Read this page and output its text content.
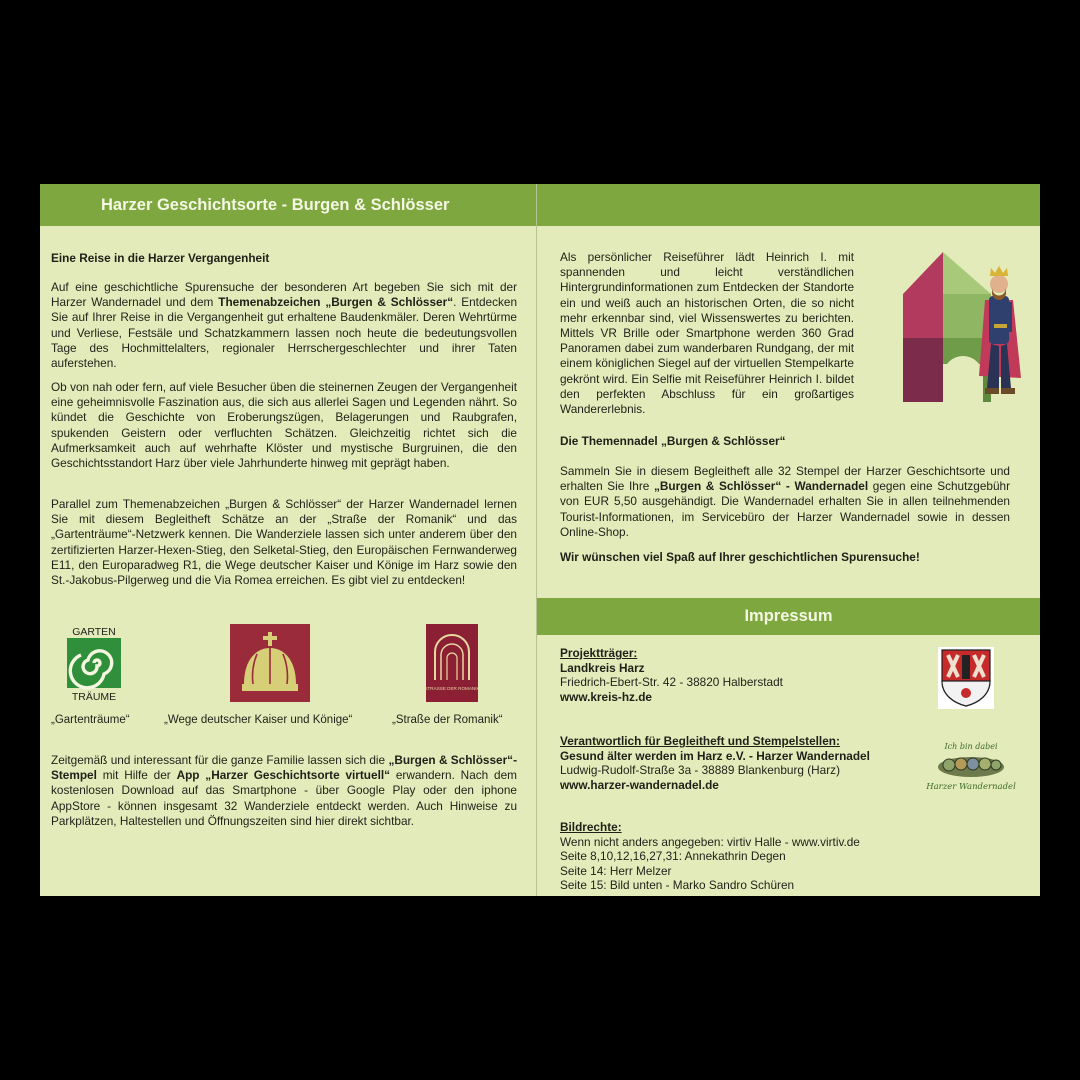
Harzer Geschichtsorte - Burgen & Schlösser
Eine Reise in die Harzer Vergangenheit

Auf eine geschichtliche Spurensuche der besonderen Art begeben Sie sich mit der Harzer Wandernadel und dem Themenabzeichen „Burgen & Schlösser“. Entdecken Sie auf Ihrer Reise in die Vergangenheit gut erhaltene Baudenkmäler. Deren Wehrtürme und Verliese, Festsäle und Schatzkammern lassen noch heute die bedeutungsvollen Tage des Hochmittelalters, regionaler Herrschergeschlechter und ihrer Taten auferstehen.

Ob von nah oder fern, auf viele Besucher üben die steinernen Zeugen der Vergangenheit eine geheimnisvolle Faszination aus, die sich aus allerlei Sagen und Legenden nährt. So kündet die Geschichte von Eroberungszügen, Belagerungen und Raubgrafen, spukenden Geistern oder verfluchten Schätzen. Gleichzeitig richtet sich die Aufmerksamkeit auch auf wehrhafte Klöster und mystische Burgruinen, die den Geschichtsstandort Harz über viele Jahrhunderte hinweg mit geprägt haben.

Parallel zum Themenabzeichen „Burgen & Schlösser“ der Harzer Wandernadel lernen Sie mit diesem Begleitheft Schätze an der „Straße der Romanik“ und das „Gartenträume“-Netzwerk kennen. Die Wanderziele lassen sich unter anderem über den zertifizierten Harzer-Hexen-Stieg, den Selketal-Stieg, den Europäischen Fernwanderweg E11, den Europaradweg R1, die Wege deutscher Kaiser und Könige im Harz sowie den St.-Jakobus-Pilgerweg und die Via Romea erreichen. Es gibt viel zu entdecken!

GARTEN
TRÄUME
„Gartenträume“	„Wege deutscher Kaiser und Könige“
STRASSE DER ROMANIK
„Straße der Romanik“

Zeitgemäß und interessant für die ganze Familie lassen sich die „Burgen & Schlösser“-Stempel mit Hilfe der App „Harzer Geschichtsorte virtuell“ erwandern. Nach dem kostenlosen Download auf das Smartphone - über Google Play oder den iphone AppStore - können insgesamt 32 Wanderziele entdeckt werden. Auch Hinweise zu Parkplätzen, Haltestellen und Öffnungszeiten sind hier direkt sichtbar.

Als persönlicher Reiseführer lädt Heinrich I. mit spannenden und leicht verständlichen Hintergrundinformationen zum Entdecken der Standorte ein und weiß auch an historischen Orten, die so nicht mehr erkennbar sind, viel Wissenswertes zu berichten. Mittels VR Brille oder Smartphone werden 360 Grad Panoramen dabei zum wanderbaren Rundgang, der mit einem königlichen Siegel auf der virtuellen Stempelkarte gekrönt wird. Ein Selfie mit Reiseführer Heinrich I. bildet den perfekten Abschluss für ein großartiges Wandererlebnis.

Die Themennadel „Burgen & Schlösser“

Sammeln Sie in diesem Begleitheft alle 32 Stempel der Harzer Geschichtsorte und erhalten Sie Ihre „Burgen & Schlösser“ - Wandernadel gegen eine Schutzgebühr von EUR 5,50 ausgehändigt. Die Wandernadel erhalten Sie in allen teilnehmenden Tourist-Informationen, im Servicebüro der Harzer Wandernadel sowie in dessen Online-Shop.

Wir wünschen viel Spaß auf Ihrer geschichtlichen Spurensuche!
Impressum
Projektträger:
Landkreis Harz
Friedrich-Ebert-Str. 42 - 38820 Halberstadt
www.kreis-hz.de
Verantwortlich für Begleitheft und Stempelstellen:
Gesund älter werden im Harz e.V. - Harzer Wandernadel
Ludwig-Rudolf-Straße 3a - 38889 Blankenburg (Harz)
www.harzer-wandernadel.de
Ich bin dabei
Harzer Wandernadel
Bildrechte:
Wenn nicht anders angegeben: virtiv Halle - www.virtiv.de
Seite 8,10,12,16,27,31: Annekathrin Degen
Seite 14: Herr Melzer
Seite 15: Bild unten - Marko Sandro Schüren
